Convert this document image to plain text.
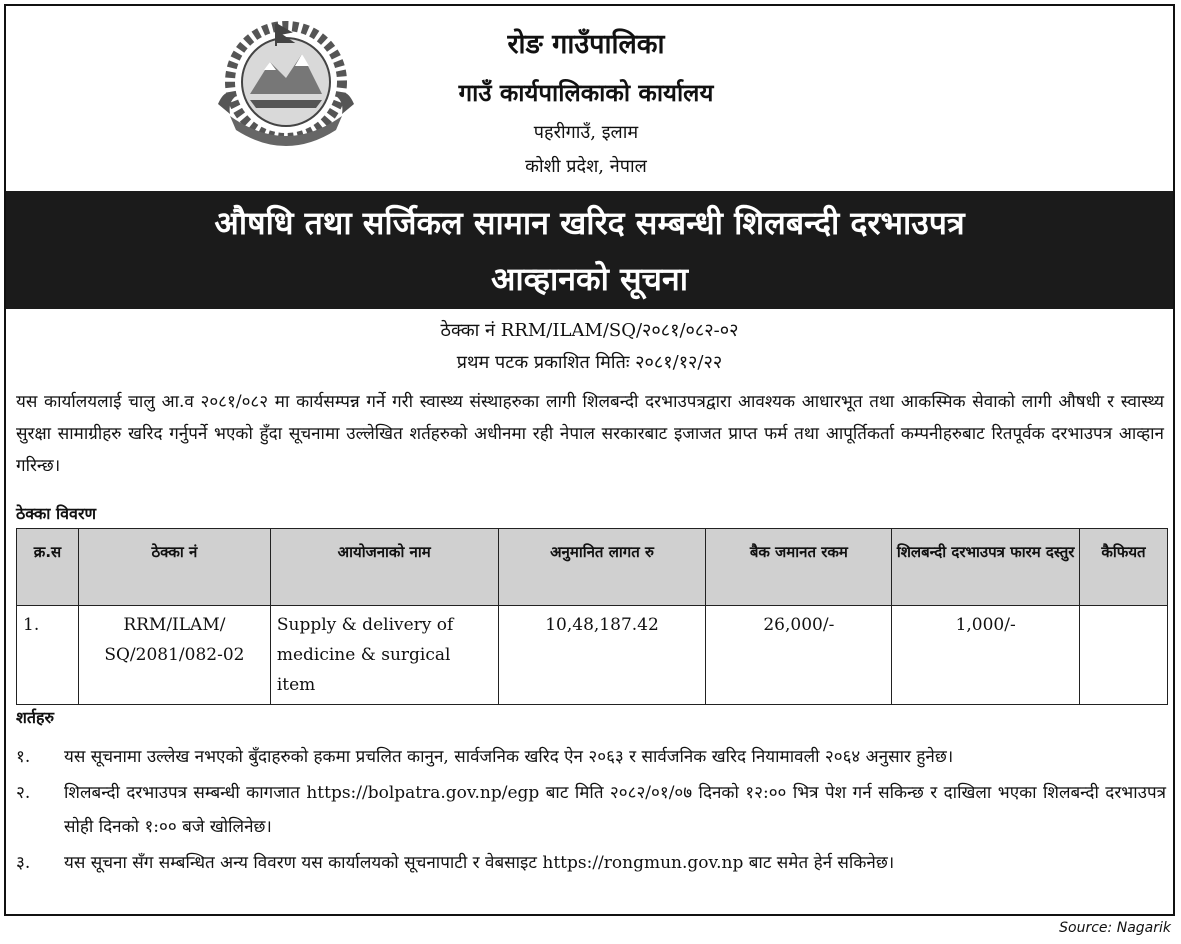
रोङ गाउँपालिका
गाउँ कार्यपालिकाको कार्यालय
पहरीगाउँ, इलाम
कोशी प्रदेश, नेपाल
औषधि तथा सर्जिकल सामान खरिद सम्बन्धी शिलबन्दी दरभाउपत्र
आव्हानको सूचना
ठेक्का नं RRM/ILAM/SQ/२०८१/०८२-०२
प्रथम पटक प्रकाशित मितिः २०८१/१२/२२
यस कार्यालयलाई चालु आ.व २०८१/०८२ मा कार्यसम्पन्न गर्ने गरी स्वास्थ्य संस्थाहरुका लागी शिलबन्दी दरभाउपत्रद्वारा आवश्यक आधारभूत तथा आकस्मिक सेवाको लागी औषधी र स्वास्थ्य सुरक्षा सामाग्रीहरु खरिद गर्नुपर्ने भएको हुँदा सूचनामा उल्लेखित शर्तहरुको अधीनमा रही नेपाल सरकारबाट इजाजत प्राप्त फर्म तथा आपूर्तिकर्ता कम्पनीहरुबाट रितपूर्वक दरभाउपत्र आव्हान गरिन्छ।
ठेक्का विवरण
क्र.स	ठेक्का नं	आयोजनाको नाम	अनुमानित लागत रु	बैक जमानत रकम	शिलबन्दी दरभाउपत्र फारम दस्तुर	कैफियत
1.	RRM/ILAM/ SQ/2081/082-02	Supply & delivery of medicine & surgical item	10,48,187.42	26,000/-	1,000/-	
शर्तहरु
१.	यस सूचनामा उल्लेख नभएको बुँदाहरुको हकमा प्रचलित कानुन, सार्वजनिक खरिद ऐन २०६३ र सार्वजनिक खरिद नियामावली २०६४ अनुसार हुनेछ।
२.	शिलबन्दी दरभाउपत्र सम्बन्धी कागजात https://bolpatra.gov.np/egp बाट मिति २०८२/०१/०७ दिनको १२:०० भित्र पेश गर्न सकिन्छ र दाखिला भएका शिलबन्दी दरभाउपत्र सोही दिनको १:०० बजे खोलिनेछ।
३.	यस सूचना सँग सम्बन्धित अन्य विवरण यस कार्यालयको सूचनापाटी र वेबसाइट https://rongmun.gov.np बाट समेत हेर्न सकिनेछ।
Source: Nagarik
